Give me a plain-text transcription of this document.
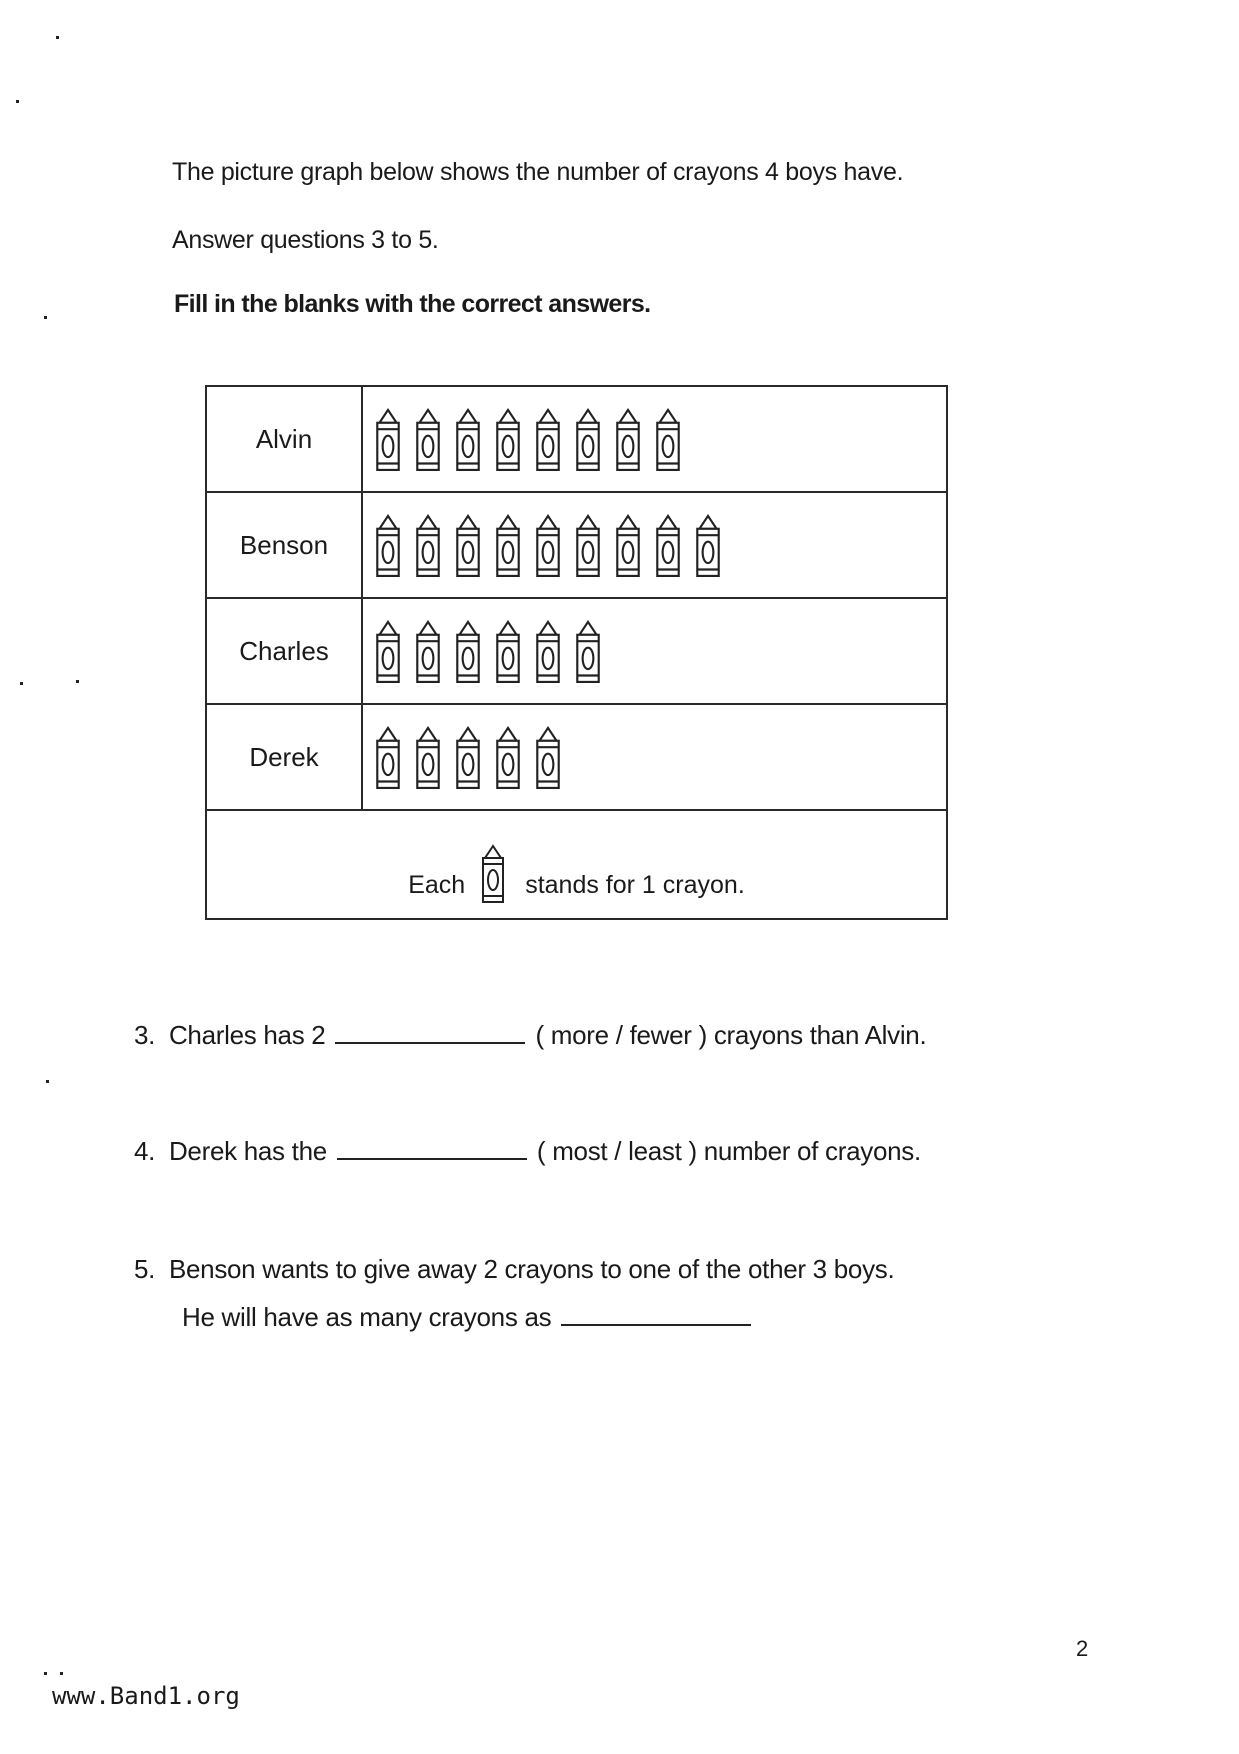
The picture graph below shows the number of crayons 4 boys have.
Answer questions 3 to 5.
Fill in the blanks with the correct answers.
Derek
Charles
Benson
Alvin
Each stands for 1 crayon.
3. Charles has 2	( more / fewer ) crayons than Alvin.
4. Derek has the	( most / least ) number of crayons.
5. Benson wants to give away 2 crayons to one of the other 3 boys.
He will have as many crayons as
2
www.Band1.org
